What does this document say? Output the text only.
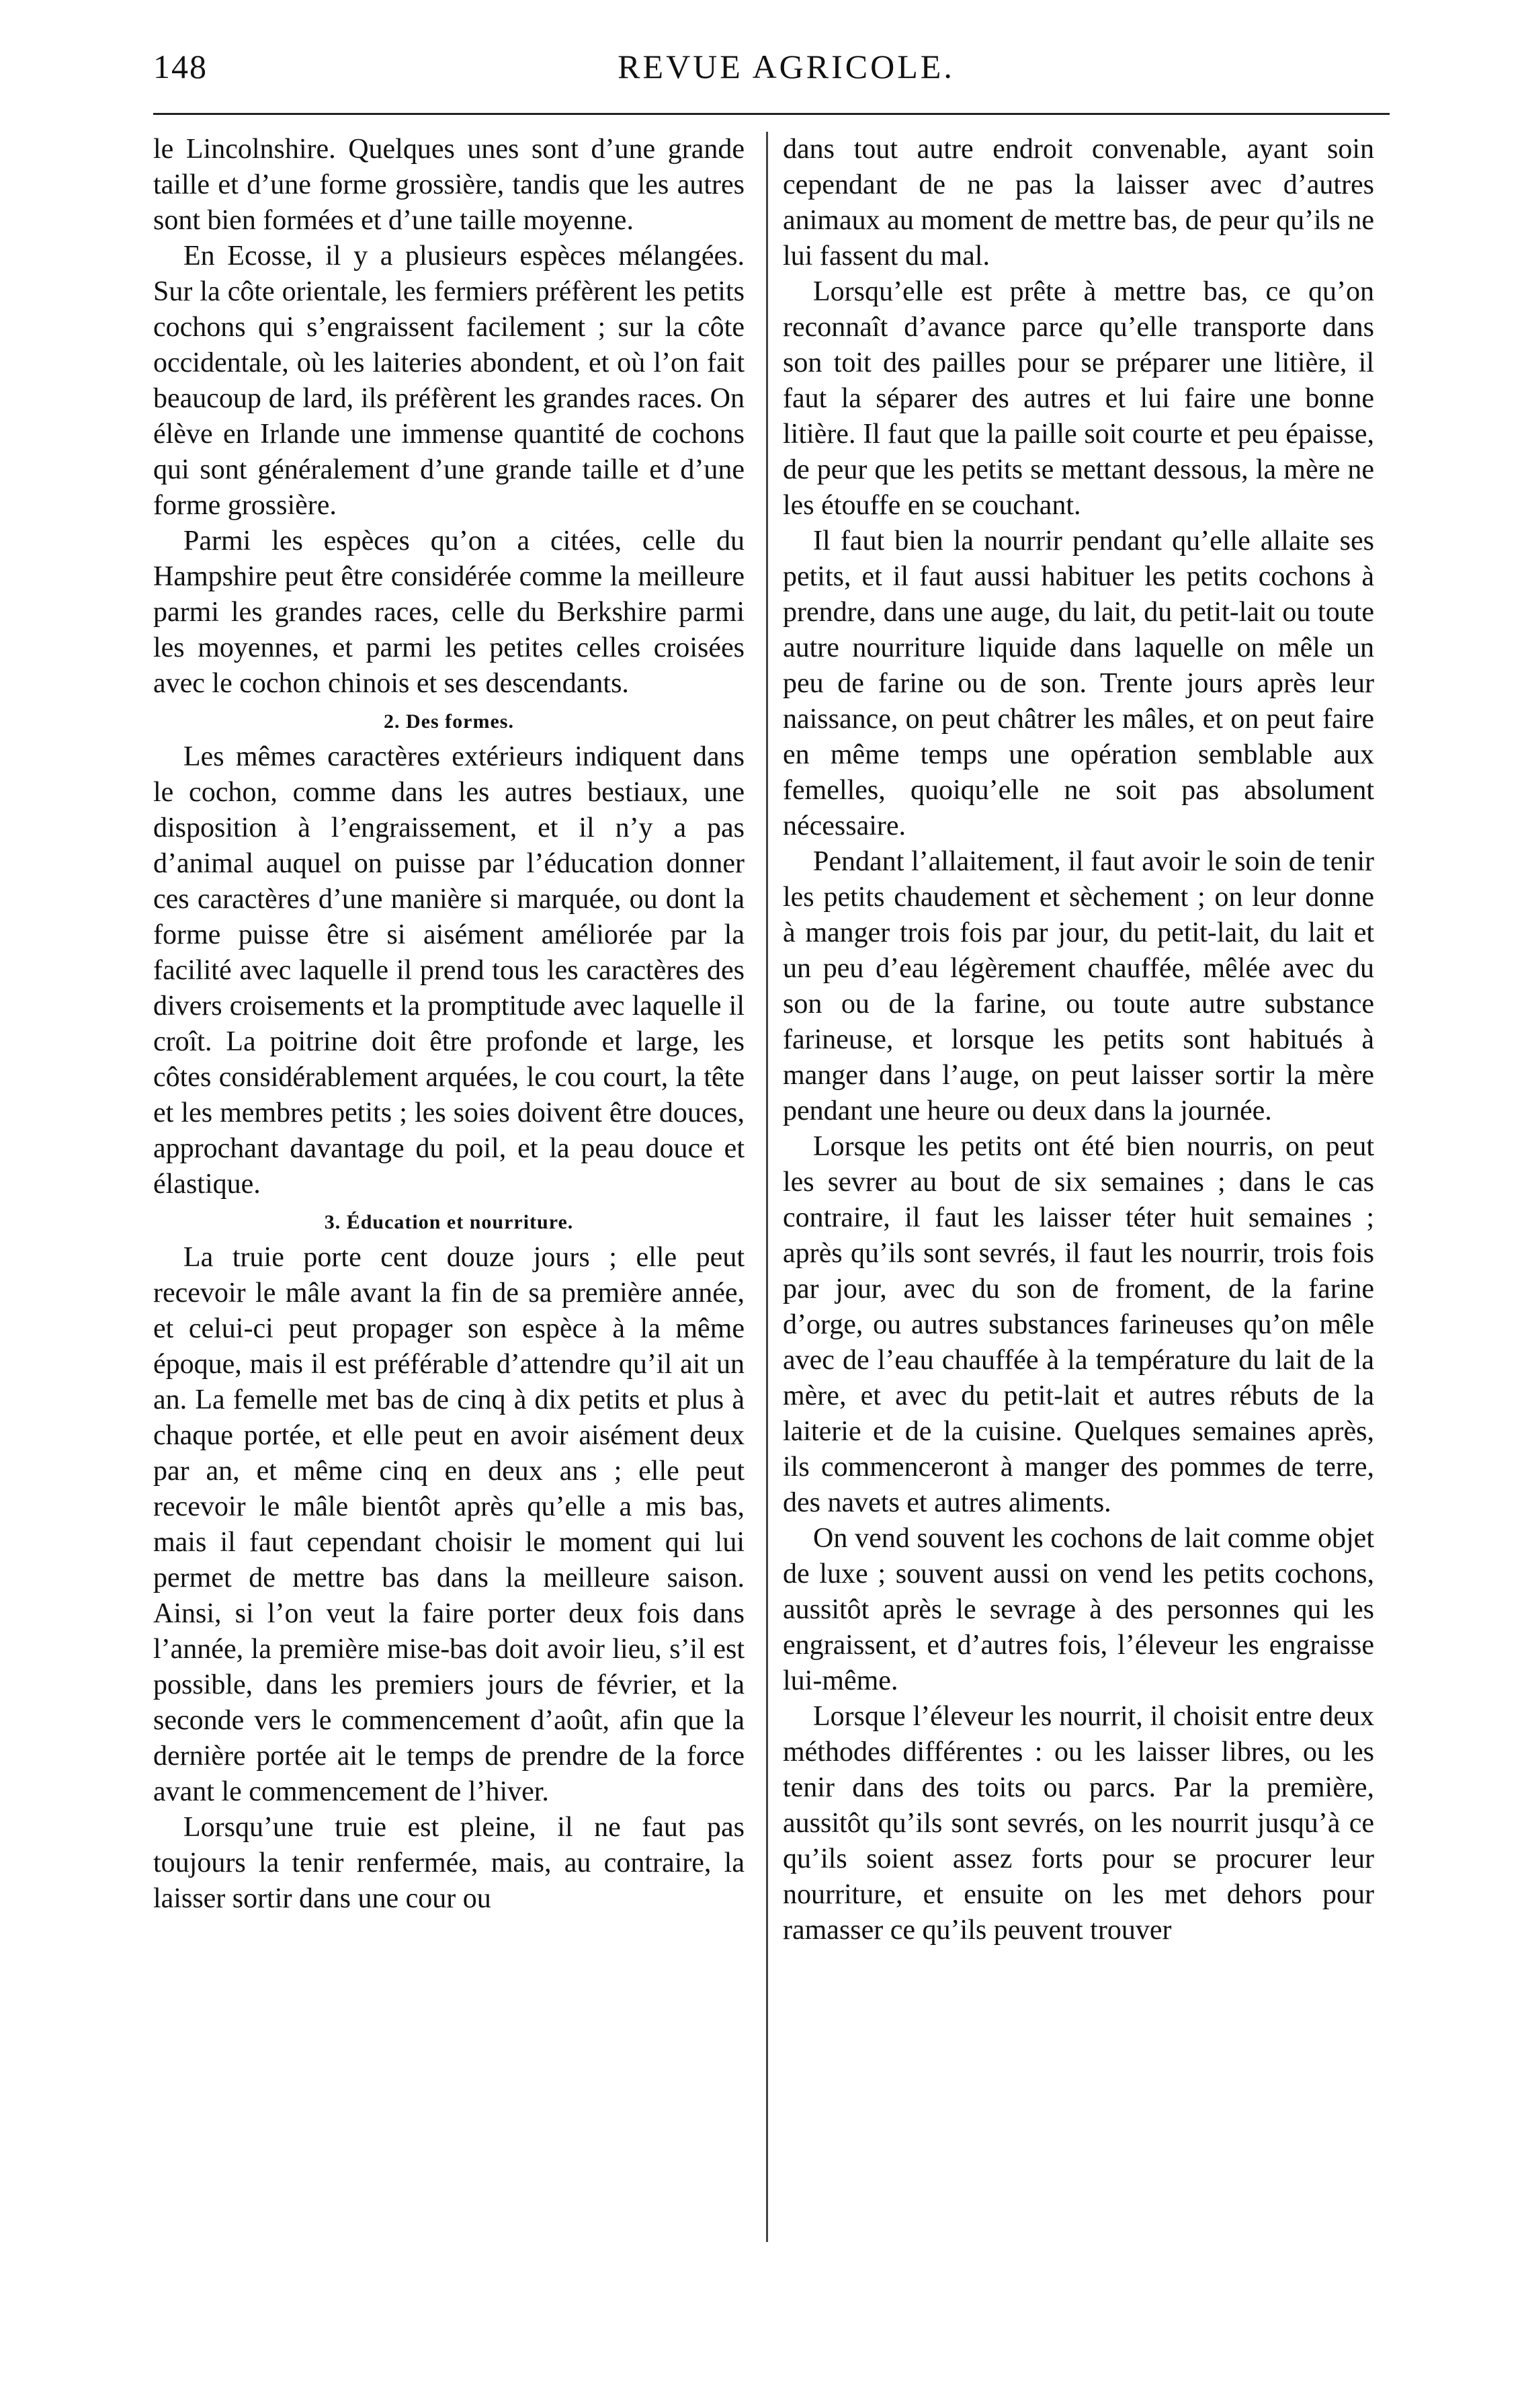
148	REVUE AGRICOLE.

le Lincolnshire. Quelques unes sont d’une grande taille et d’une forme grossière, tandis que les autres sont bien formées et d’une taille moyenne.

En Ecosse, il y a plusieurs espèces mélangées. Sur la côte orientale, les fermiers préfèrent les petits cochons qui s’engraissent facilement ; sur la côte occidentale, où les laiteries abondent, et où l’on fait beaucoup de lard, ils préfèrent les grandes races. On élève en Irlande une immense quantité de cochons qui sont généralement d’une grande taille et d’une forme grossière.

Parmi les espèces qu’on a citées, celle du Hampshire peut être considérée comme la meilleure parmi les grandes races, celle du Berkshire parmi les moyennes, et parmi les petites celles croisées avec le cochon chinois et ses descendants.

2. Des formes.

Les mêmes caractères extérieurs indiquent dans le cochon, comme dans les autres bestiaux, une disposition à l’engraissement, et il n’y a pas d’animal auquel on puisse par l’éducation donner ces caractères d’une manière si marquée, ou dont la forme puisse être si aisément améliorée par la facilité avec laquelle il prend tous les caractères des divers croisements et la promptitude avec laquelle il croît. La poitrine doit être profonde et large, les côtes considérablement arquées, le cou court, la tête et les membres petits ; les soies doivent être douces, approchant davantage du poil, et la peau douce et élastique.

3. Éducation et nourriture.

La truie porte cent douze jours ; elle peut recevoir le mâle avant la fin de sa première année, et celui-ci peut propager son espèce à la même époque, mais il est préférable d’attendre qu’il ait un an. La femelle met bas de cinq à dix petits et plus à chaque portée, et elle peut en avoir aisément deux par an, et même cinq en deux ans ; elle peut recevoir le mâle bientôt après qu’elle a mis bas, mais il faut cependant choisir le moment qui lui permet de mettre bas dans la meilleure saison. Ainsi, si l’on veut la faire porter deux fois dans l’année, la première mise-bas doit avoir lieu, s’il est possible, dans les premiers jours de février, et la seconde vers le commencement d’août, afin que la dernière portée ait le temps de prendre de la force avant le commencement de l’hiver.

Lorsqu’une truie est pleine, il ne faut pas toujours la tenir renfermée, mais, au contraire, la laisser sortir dans une cour ou

dans tout autre endroit convenable, ayant soin cependant de ne pas la laisser avec d’autres animaux au moment de mettre bas, de peur qu’ils ne lui fassent du mal.

Lorsqu’elle est prête à mettre bas, ce qu’on reconnaît d’avance parce qu’elle transporte dans son toit des pailles pour se préparer une litière, il faut la séparer des autres et lui faire une bonne litière. Il faut que la paille soit courte et peu épaisse, de peur que les petits se mettant dessous, la mère ne les étouffe en se couchant.

Il faut bien la nourrir pendant qu’elle allaite ses petits, et il faut aussi habituer les petits cochons à prendre, dans une auge, du lait, du petit-lait ou toute autre nourriture liquide dans laquelle on mêle un peu de farine ou de son. Trente jours après leur naissance, on peut châtrer les mâles, et on peut faire en même temps une opération semblable aux femelles, quoiqu’elle ne soit pas absolument nécessaire.

Pendant l’allaitement, il faut avoir le soin de tenir les petits chaudement et sèchement ; on leur donne à manger trois fois par jour, du petit-lait, du lait et un peu d’eau légèrement chauffée, mêlée avec du son ou de la farine, ou toute autre substance farineuse, et lorsque les petits sont habitués à manger dans l’auge, on peut laisser sortir la mère pendant une heure ou deux dans la journée.

Lorsque les petits ont été bien nourris, on peut les sevrer au bout de six semaines ; dans le cas contraire, il faut les laisser téter huit semaines ; après qu’ils sont sevrés, il faut les nourrir, trois fois par jour, avec du son de froment, de la farine d’orge, ou autres substances farineuses qu’on mêle avec de l’eau chauffée à la température du lait de la mère, et avec du petit-lait et autres rébuts de la laiterie et de la cuisine. Quelques semaines après, ils commenceront à manger des pommes de terre, des navets et autres aliments.

On vend souvent les cochons de lait comme objet de luxe ; souvent aussi on vend les petits cochons, aussitôt après le sevrage à des personnes qui les engraissent, et d’autres fois, l’éleveur les engraisse lui-même.

Lorsque l’éleveur les nourrit, il choisit entre deux méthodes différentes : ou les laisser libres, ou les tenir dans des toits ou parcs. Par la première, aussitôt qu’ils sont sevrés, on les nourrit jusqu’à ce qu’ils soient assez forts pour se procurer leur nourriture, et ensuite on les met dehors pour ramasser ce qu’ils peuvent trouver
